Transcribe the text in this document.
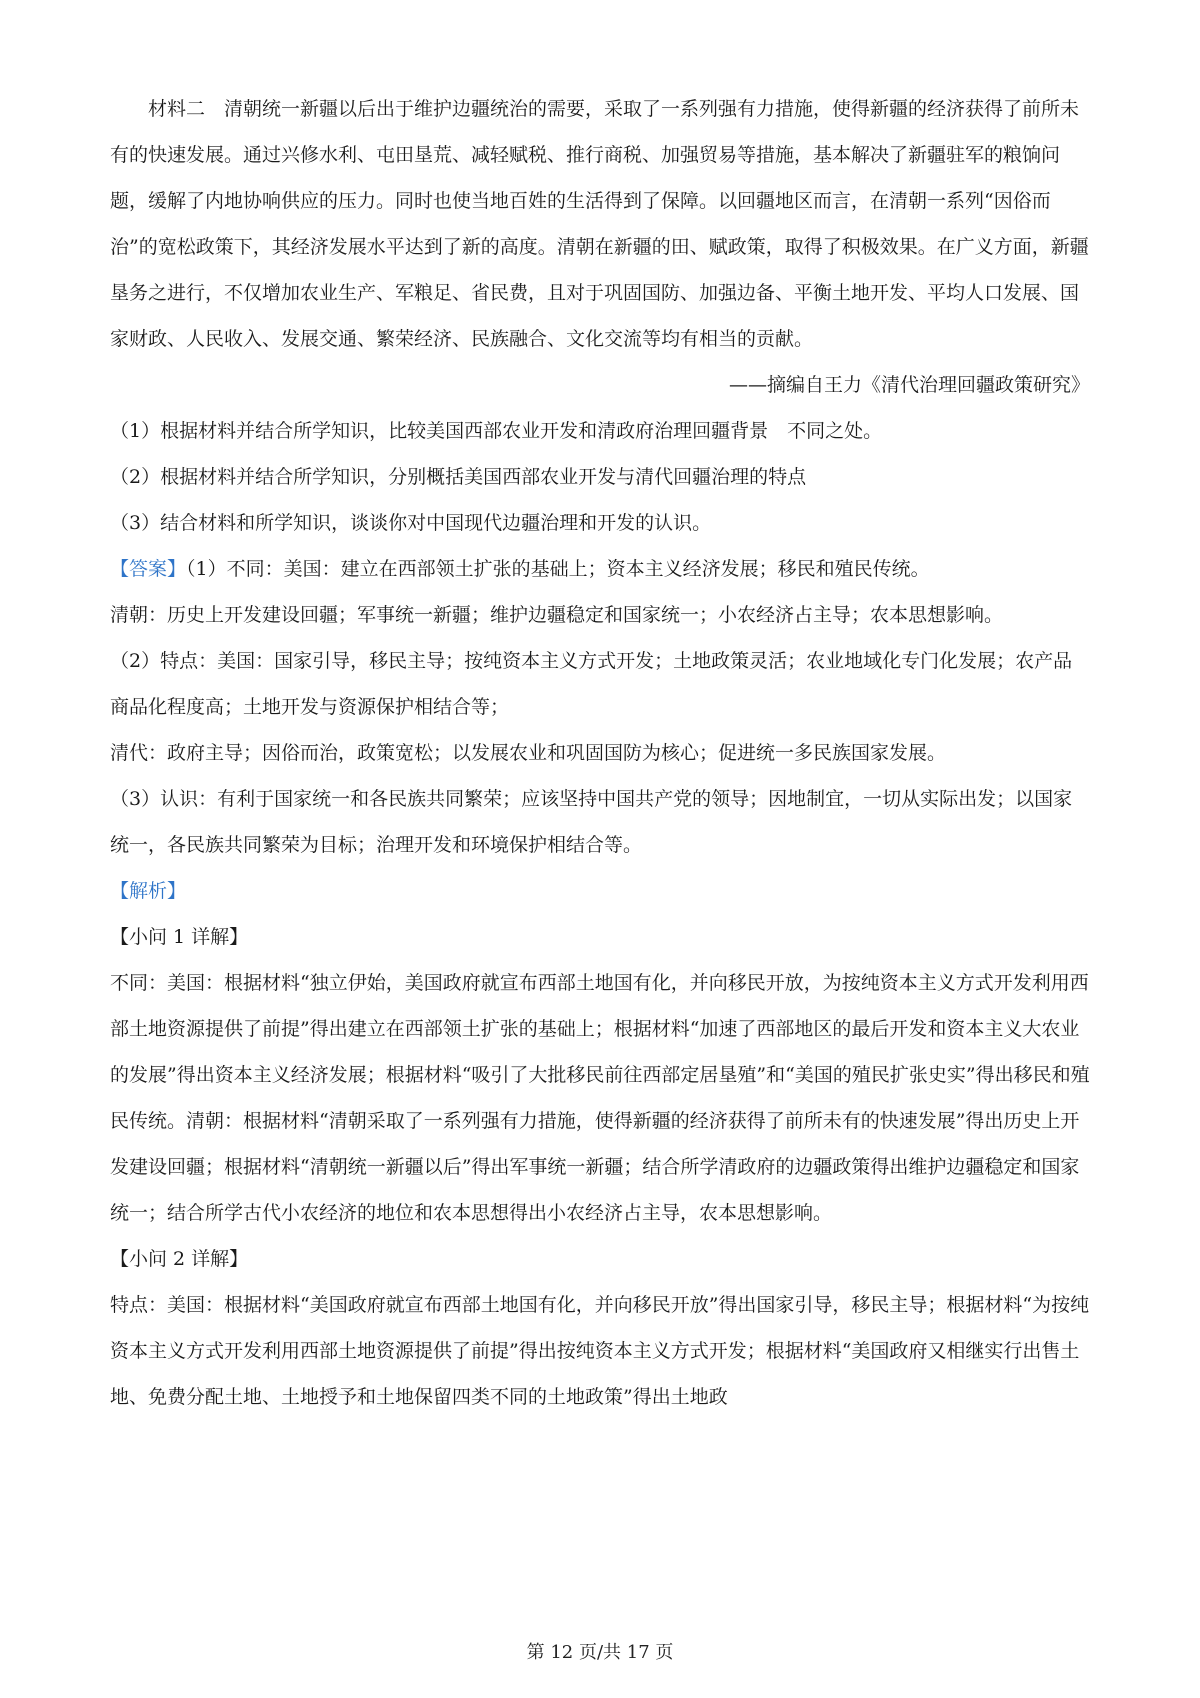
材料二　清朝统一新疆以后出于维护边疆统治的需要，采取了一系列强有力措施，使得新疆的经济获得了前所未有的快速发展。通过兴修水利、屯田垦荒、减轻赋税、推行商税、加强贸易等措施，基本解决了新疆驻军的粮饷问题，缓解了内地协响供应的压力。同时也使当地百姓的生活得到了保障。以回疆地区而言，在清朝一系列“因俗而治”的宽松政策下，其经济发展水平达到了新的高度。清朝在新疆的田、赋政策，取得了积极效果。在广义方面，新疆垦务之进行，不仅增加农业生产、军粮足、省民费，且对于巩固国防、加强边备、平衡土地开发、平均人口发展、国家财政、人民收入、发展交通、繁荣经济、民族融合、文化交流等均有相当的贡献。

——摘编自王力《清代治理回疆政策研究》

（1）根据材料并结合所学知识，比较美国西部农业开发和清政府治理回疆背景　不同之处。

（2）根据材料并结合所学知识，分别概括美国西部农业开发与清代回疆治理的特点

（3）结合材料和所学知识，谈谈你对中国现代边疆治理和开发的认识。

【答案】（1）不同：美国：建立在西部领土扩张的基础上；资本主义经济发展；移民和殖民传统。

清朝：历史上开发建设回疆；军事统一新疆；维护边疆稳定和国家统一；小农经济占主导；农本思想影响。

（2）特点：美国：国家引导，移民主导；按纯资本主义方式开发；土地政策灵活；农业地域化专门化发展；农产品商品化程度高；土地开发与资源保护相结合等；

清代：政府主导；因俗而治，政策宽松；以发展农业和巩固国防为核心；促进统一多民族国家发展。

（3）认识：有利于国家统一和各民族共同繁荣；应该坚持中国共产党的领导；因地制宜，一切从实际出发；以国家统一，各民族共同繁荣为目标；治理开发和环境保护相结合等。

【解析】

【小问 1 详解】

不同：美国：根据材料“独立伊始，美国政府就宣布西部土地国有化，并向移民开放，为按纯资本主义方式开发利用西部土地资源提供了前提”得出建立在西部领土扩张的基础上；根据材料“加速了西部地区的最后开发和资本主义大农业的发展”得出资本主义经济发展；根据材料“吸引了大批移民前往西部定居垦殖”和“美国的殖民扩张史实”得出移民和殖民传统。清朝：根据材料“清朝采取了一系列强有力措施，使得新疆的经济获得了前所未有的快速发展”得出历史上开发建设回疆；根据材料“清朝统一新疆以后”得出军事统一新疆；结合所学清政府的边疆政策得出维护边疆稳定和国家统一；结合所学古代小农经济的地位和农本思想得出小农经济占主导，农本思想影响。

【小问 2 详解】

特点：美国：根据材料“美国政府就宣布西部土地国有化，并向移民开放”得出国家引导，移民主导；根据材料“为按纯资本主义方式开发利用西部土地资源提供了前提”得出按纯资本主义方式开发；根据材料“美国政府又相继实行出售土地、免费分配土地、土地授予和土地保留四类不同的土地政策”得出土地政

第 12 页/共 17 页
